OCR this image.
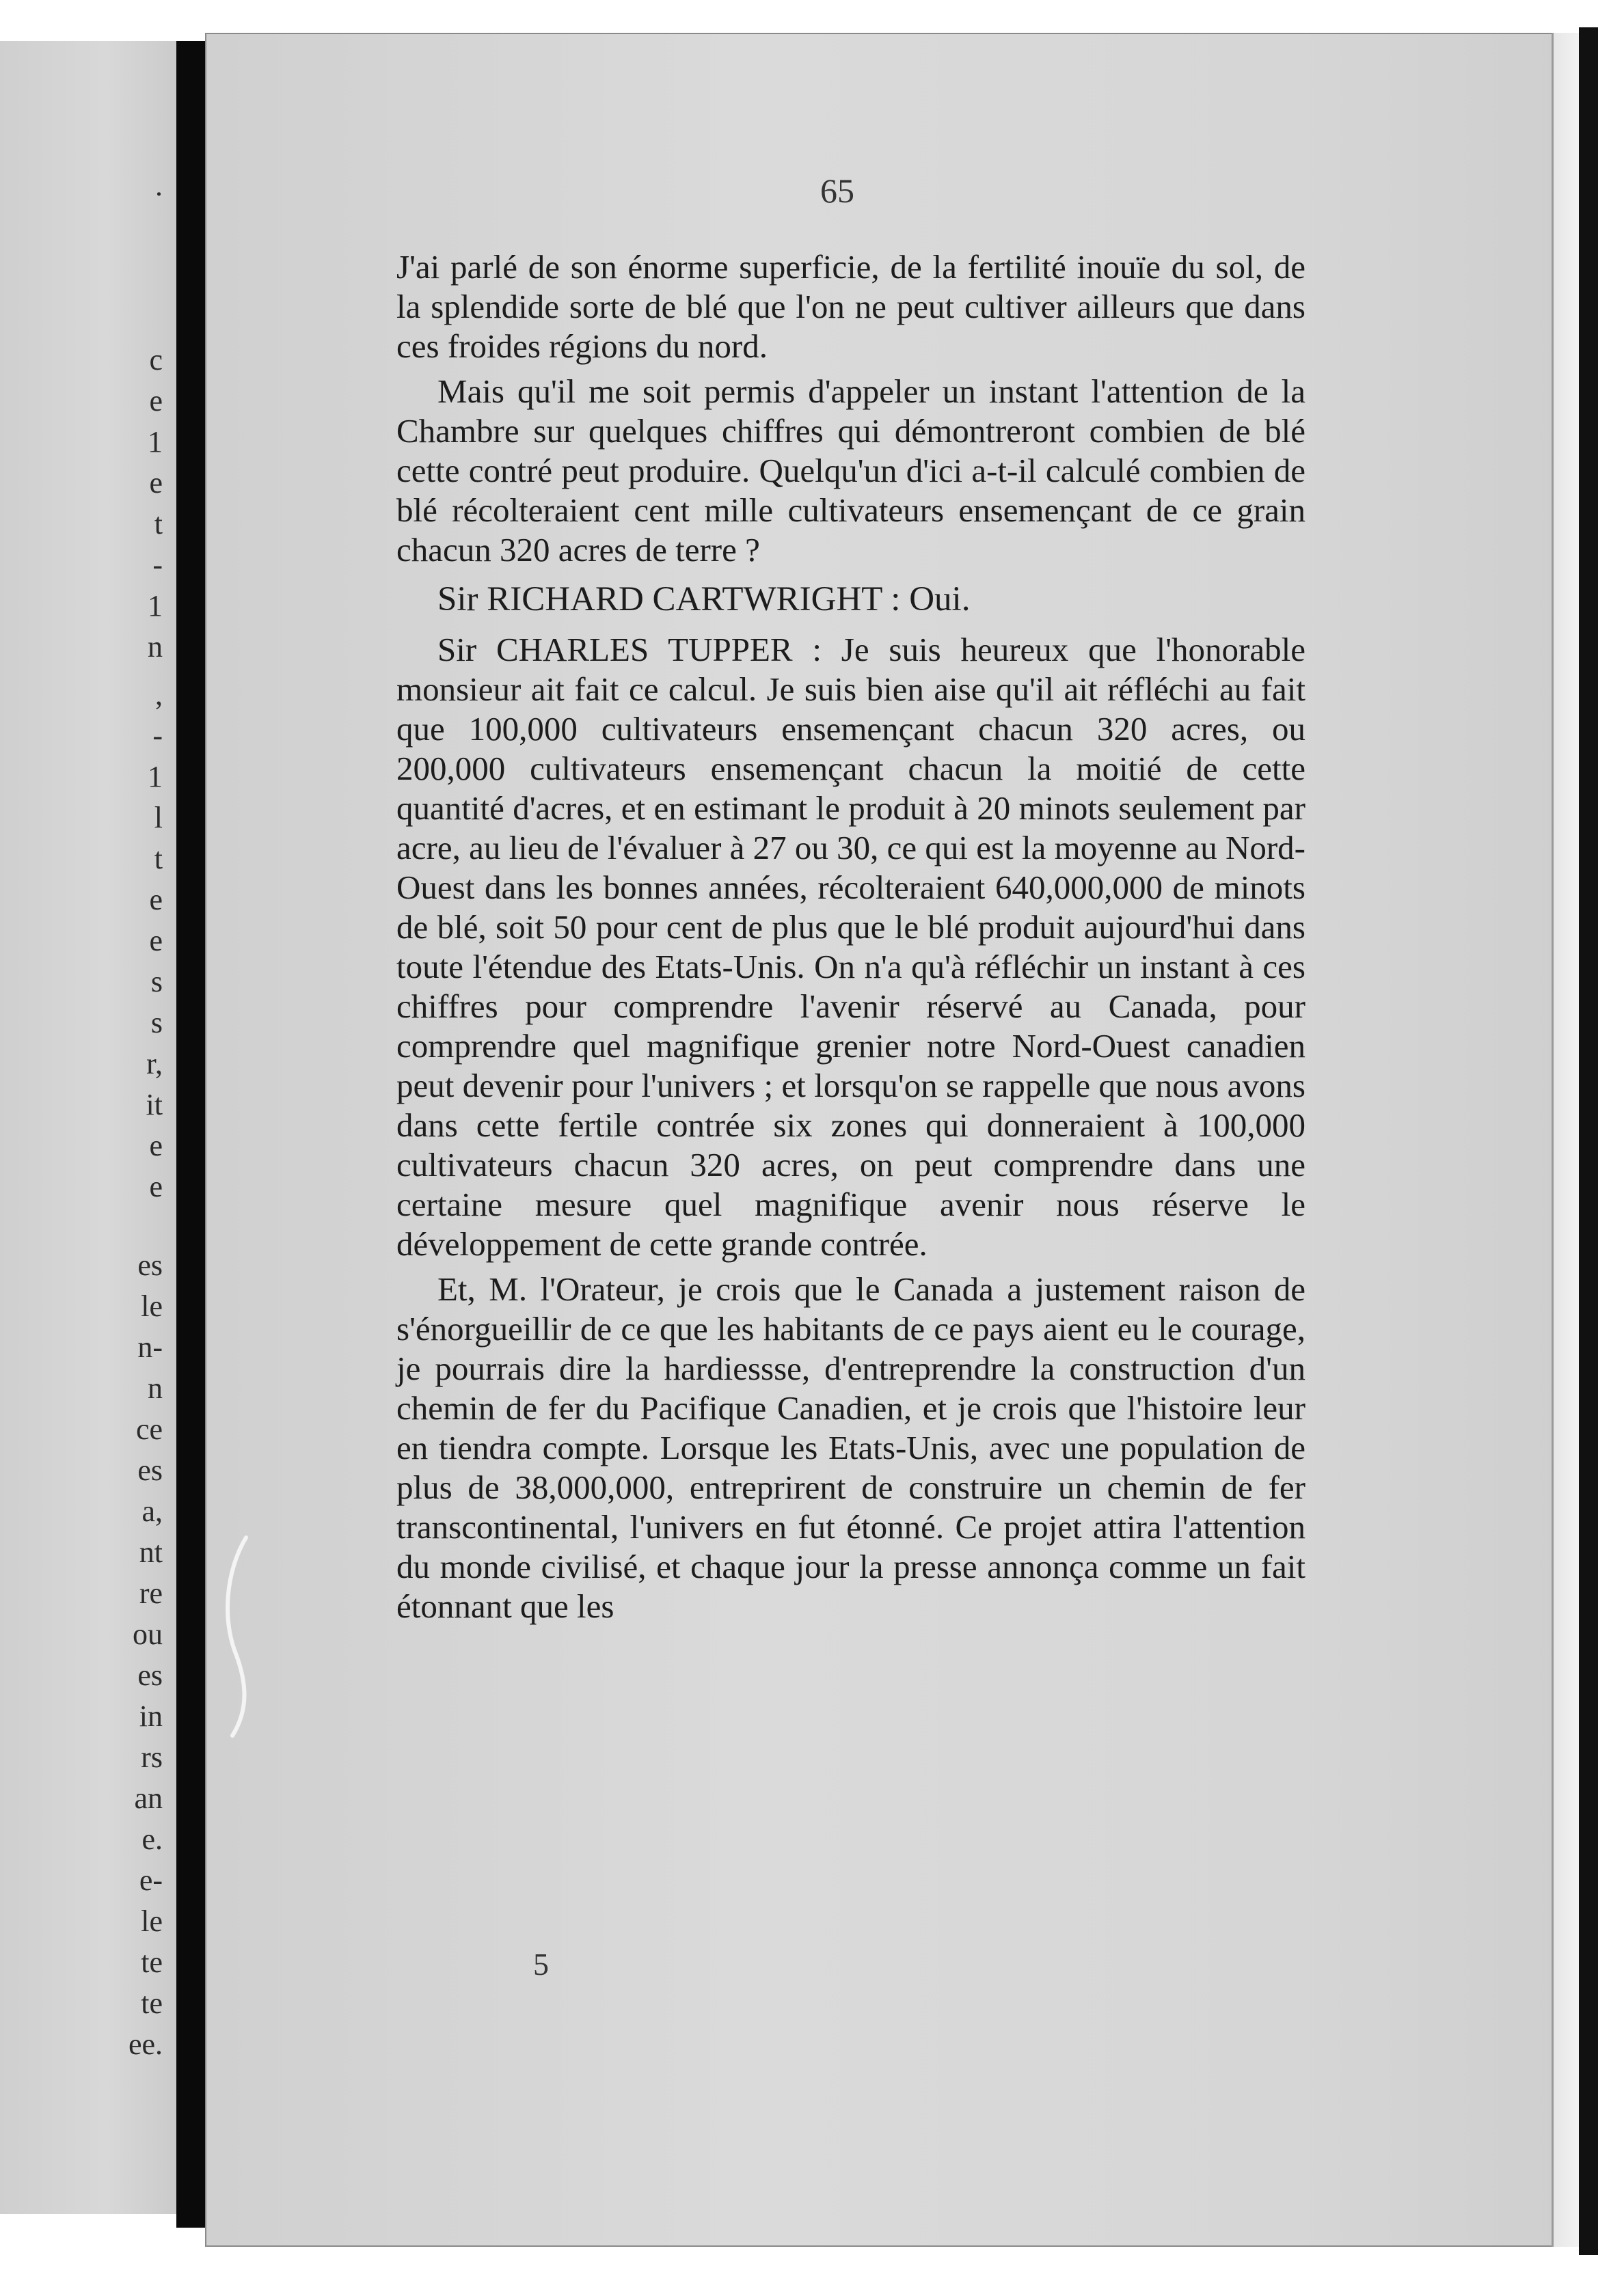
.
c
e
1
e
t
-
1
n
,
-
1
l
t
e
e
s
s
r,
it
e
e
es
le
n-
n
ce
es
a,
nt
re
ou
es
in
rs
an
e.
e-
le
te
te
ee.
65

J'ai parlé de son énorme superficie, de la fertilité inouïe du sol, de la splendide sorte de blé que l'on ne peut cultiver ailleurs que dans ces froides régions du nord.

Mais qu'il me soit permis d'appeler un instant l'attention de la Chambre sur quelques chiffres qui démontreront combien de blé cette contré peut produire. Quelqu'un d'ici a-t-il calculé combien de blé récolteraient cent mille cultivateurs ensemençant de ce grain chacun 320 acres de terre ?

Sir RICHARD CARTWRIGHT : Oui.

Sir CHARLES TUPPER : Je suis heureux que l'honorable monsieur ait fait ce calcul. Je suis bien aise qu'il ait réfléchi au fait que 100,000 cultivateurs ensemençant chacun 320 acres, ou 200,000 cultivateurs ensemençant chacun la moitié de cette quantité d'acres, et en estimant le produit à 20 minots seulement par acre, au lieu de l'évaluer à 27 ou 30, ce qui est la moyenne au Nord-Ouest dans les bonnes années, récolteraient 640,000,000 de minots de blé, soit 50 pour cent de plus que le blé produit aujourd'hui dans toute l'étendue des Etats-Unis. On n'a qu'à réfléchir un instant à ces chiffres pour comprendre l'avenir réservé au Canada, pour comprendre quel magnifique grenier notre Nord-Ouest canadien peut devenir pour l'univers ; et lorsqu'on se rappelle que nous avons dans cette fertile contrée six zones qui donneraient à 100,000 cultivateurs chacun 320 acres, on peut comprendre dans une certaine mesure quel magnifique avenir nous réserve le développement de cette grande contrée.

Et, M. l'Orateur, je crois que le Canada a justement raison de s'énorgueillir de ce que les habitants de ce pays aient eu le courage, je pourrais dire la hardiessse, d'entreprendre la construction d'un chemin de fer du Pacifique Canadien, et je crois que l'histoire leur en tiendra compte. Lorsque les Etats-Unis, avec une population de plus de 38,000,000, entreprirent de construire un chemin de fer transcontinental, l'univers en fut étonné. Ce projet attira l'attention du monde civilisé, et chaque jour la presse annonça comme un fait étonnant que les

5
